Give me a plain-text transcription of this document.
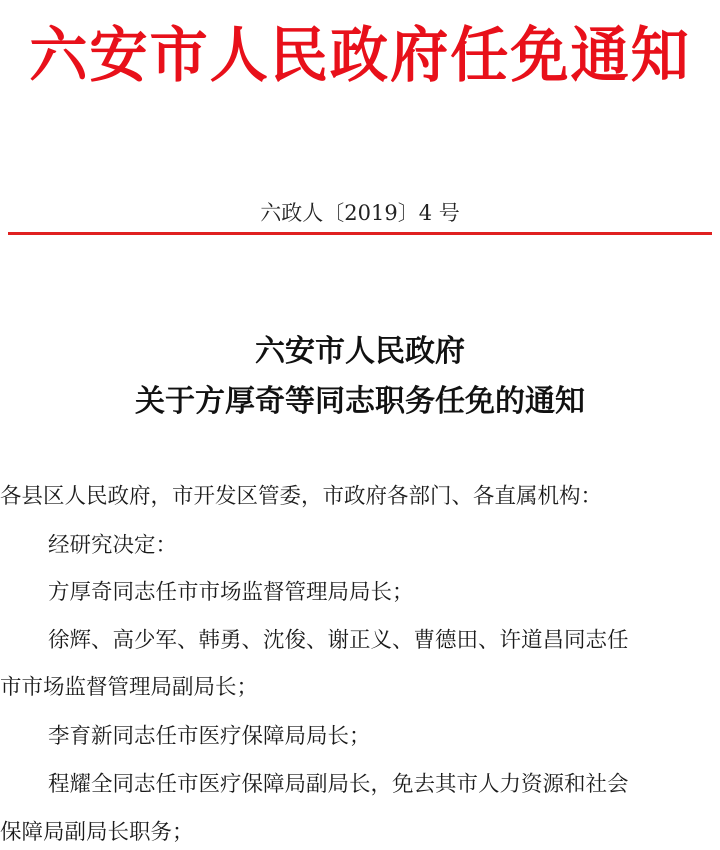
六安市人民政府任免通知
六政人〔2019〕4 号
六安市人民政府
关于方厚奇等同志职务任免的通知
各县区人民政府，市开发区管委，市政府各部门、各直属机构：
经研究决定：
方厚奇同志任市市场监督管理局局长；
徐辉、高少军、韩勇、沈俊、谢正义、曹德田、许道昌同志任
市市场监督管理局副局长；
李育新同志任市医疗保障局局长；
程耀全同志任市医疗保障局副局长，免去其市人力资源和社会
保障局副局长职务；
